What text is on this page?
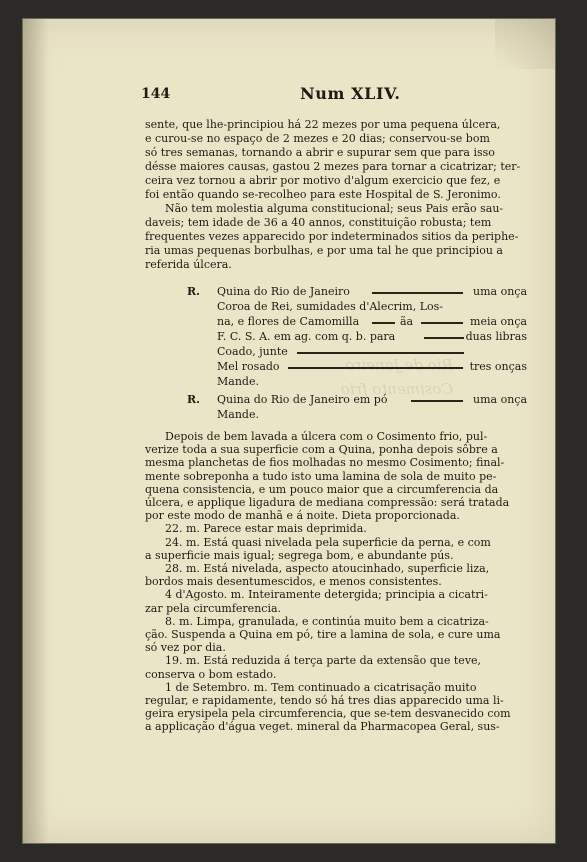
Rio de Janeiro
Cosimento frio
144	Num XLIV.
sente, que lhe-principiou há 22 mezes por uma pequena úlcera,
e curou-se no espaço de 2 mezes e 20 dias; conservou-se bom
só tres semanas, tornando a abrir e supurar sem que para isso
désse maiores causas, gastou 2 mezes para tornar a cicatrizar; ter-
ceira vez tornou a abrir por motivo d'algum exercicio que fez, e
foi então quando se-recolheo para este Hospital de S. Jeronimo.
Não tem molestia alguma constitucional; seus Pais erão sau-
daveis; tem idade de 36 a 40 annos, constituição robusta; tem
frequentes vezes apparecido por indeterminados sitios da periphe-
ria umas pequenas borbulhas, e por uma tal he que principiou a
referida úlcera.
R. Quina do Rio de Janeiro	uma onça
Coroa de Rei, sumidades d'Alecrim, Los-
na, e flores de Camomilla	ãa	meia onça
F. C. S. A. em ag. com q. b. para	duas libras
Coado, junte
Mel rosado	tres onças
Mande.
R. Quina do Rio de Janeiro em pó	uma onça
Mande.
Depois de bem lavada a úlcera com o Cosimento frio, pul-
verize toda a sua superficie com a Quina, ponha depois sôbre a
mesma planchetas de fios molhadas no mesmo Cosimento; final-
mente sobreponha a tudo isto uma lamina de sola de muito pe-
quena consistencia, e um pouco maior que a circumferencia da
úlcera, e applique ligadura de mediana compressão: será tratada
por este modo de manhã e á noite. Dieta proporcionada.
22. m. Parece estar mais deprimida.
24. m. Está quasi nivelada pela superficie da perna, e com
a superficie mais igual; segrega bom, e abundante pús.
28. m. Está nivelada, aspecto atoucinhado, superficie liza,
bordos mais desentumescidos, e menos consistentes.
4 d'Agosto. m. Inteiramente detergida; principia a cicatri-
zar pela circumferencia.
8. m. Limpa, granulada, e continúa muito bem a cicatriza-
ção. Suspenda a Quina em pó, tire a lamina de sola, e cure uma
só vez por dia.
19. m. Está reduzida á terça parte da extensão que teve,
conserva o bom estado.
1 de Setembro. m. Tem continuado a cicatrisação muito
regular, e rapidamente, tendo só há tres dias apparecido uma li-
geira erysipela pela circumferencia, que se-tem desvanecido com
a applicação d'água veget. mineral da Pharmacopea Geral, sus-
